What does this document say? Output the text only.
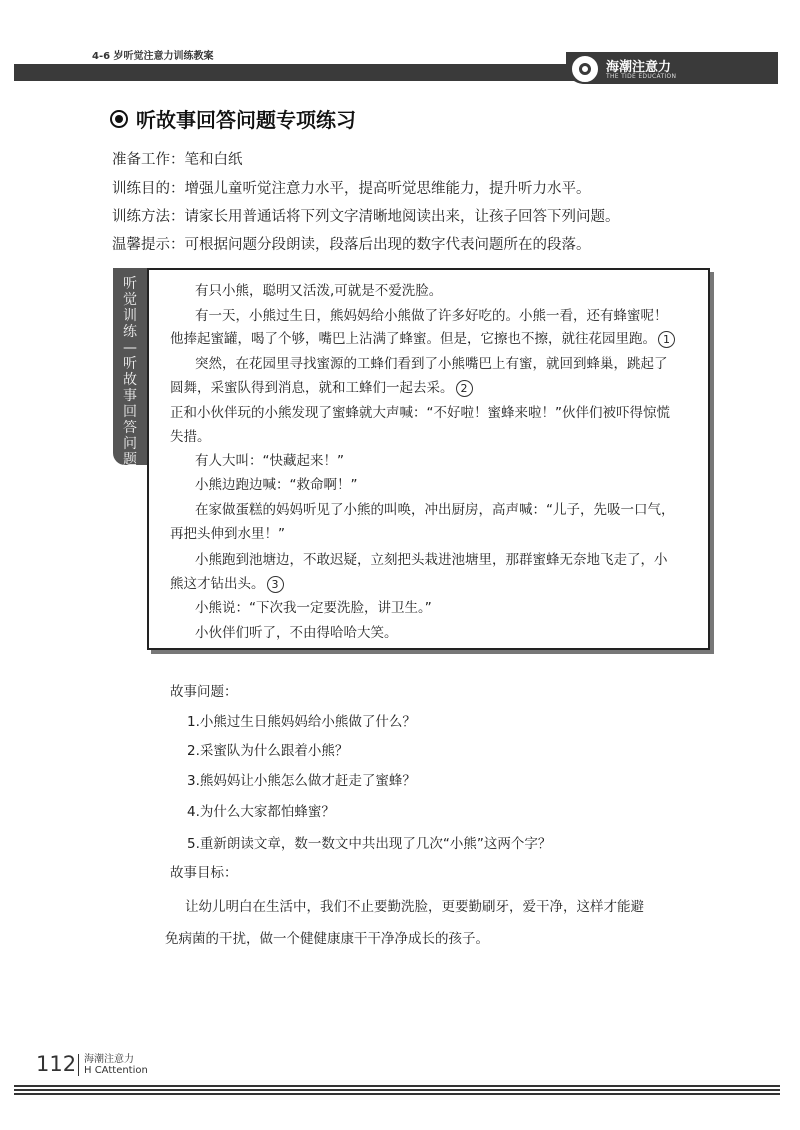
4-6 岁听觉注意力训练教案
海潮注意力
THE TIDE EDUCATION
听故事回答问题专项练习
准备工作：笔和白纸
训练目的：增强儿童听觉注意力水平，提高听觉思维能力，提升听力水平。
训练方法：请家长用普通话将下列文字清晰地阅读出来，让孩子回答下列问题。
温馨提示：可根据问题分段朗读，段落后出现的数字代表问题所在的段落。
听
觉
训
练
—
听
故
事
回
答
问
题
有只小熊，聪明又活泼,可就是不爱洗脸。
有一天，小熊过生日，熊妈妈给小熊做了许多好吃的。小熊一看，还有蜂蜜呢！
他捧起蜜罐，喝了个够，嘴巴上沾满了蜂蜜。但是，它擦也不擦，就往花园里跑。 1
突然，在花园里寻找蜜源的工蜂们看到了小熊嘴巴上有蜜，就回到蜂巢，跳起了
圆舞，采蜜队得到消息，就和工蜂们一起去采。 2
正和小伙伴玩的小熊发现了蜜蜂就大声喊：“不好啦！蜜蜂来啦！”伙伴们被吓得惊慌
失措。
有人大叫：“快藏起来！”
小熊边跑边喊：“救命啊！”
在家做蛋糕的妈妈听见了小熊的叫唤，冲出厨房，高声喊：“儿子，先吸一口气，
再把头伸到水里！”
小熊跑到池塘边，不敢迟疑，立刻把头栽进池塘里，那群蜜蜂无奈地飞走了，小
熊这才钻出头。 3
小熊说：“下次我一定要洗脸，讲卫生。”
小伙伴们听了，不由得哈哈大笑。
故事问题：
1.小熊过生日熊妈妈给小熊做了什么？
2.采蜜队为什么跟着小熊？
3.熊妈妈让小熊怎么做才赶走了蜜蜂？
4.为什么大家都怕蜂蜜？
5.重新朗读文章，数一数文中共出现了几次“小熊”这两个字？
故事目标：
让幼儿明白在生活中，我们不止要勤洗脸，更要勤刷牙，爱干净，这样才能避
免病菌的干扰，做一个健健康康干干净净成长的孩子。
112 海潮注意力
H CAttention
